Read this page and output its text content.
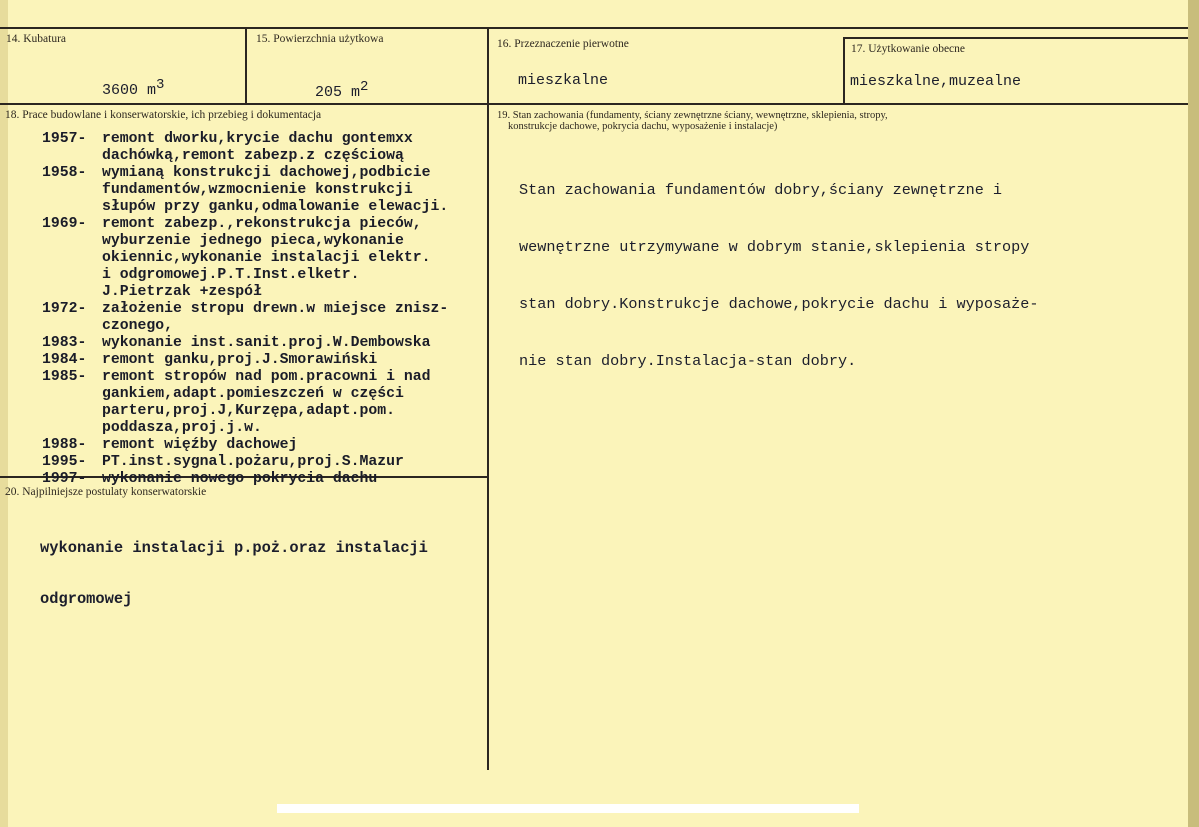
14. Kubatura

3600 $m^3$

15. Powierzchnia użytkowa

205 $m^2$

16. Przeznaczenie pierwotne
mieszkalne
17. Użytkowanie obecne
mieszkalne,muzealne
18. Prace budowlane i konserwatorskie, ich przebieg i dokumentacja
1957-	remont dworku,krycie dachu gontemxx
dachówką,remont zabezp.z częściową
1958-	wymianą konstrukcji dachowej,podbicie
fundamentów,wzmocnienie konstrukcji
słupów przy ganku,odmalowanie elewacji.
1969-	remont zabezp.,rekonstrukcja pieców,
wyburzenie jednego pieca,wykonanie
okiennic,wykonanie instalacji elektr.
i odgromowej.P.T.Inst.elketr.
J.Pietrzak +zespół
1972-	założenie stropu drewn.w miejsce znisz-
czonego,
1983-	wykonanie inst.sanit.proj.W.Dembowska
1984-	remont ganku,proj.J.Smorawiński
1985-	remont stropów nad pom.pracowni i nad
gankiem,adapt.pomieszczeń w części
parteru,proj.J,Kurzępa,adapt.pom.
poddasza,proj.j.w.
1988-	remont więźby dachowej
1995-	PT.inst.sygnal.pożaru,proj.S.Mazur
1997-	wykonanie nowego pokrycia dachu
19. Stan zachowania (fundamenty, ściany zewnętrzne ściany, wewnętrzne, sklepienia, stropy,
konstrukcje dachowe, pokrycia dachu, wyposażenie i instalacje)

Stan zachowania fundamentów dobry,ściany zewnętrzne i

wewnętrzne utrzymywane w dobrym stanie,sklepienia stropy

stan dobry.Konstrukcje dachowe,pokrycie dachu i wyposaże-

nie stan dobry.Instalacja-stan dobry.

20. Najpilniejsze postulaty konserwatorskie

wykonanie instalacji p.poż.oraz instalacji

odgromowej
